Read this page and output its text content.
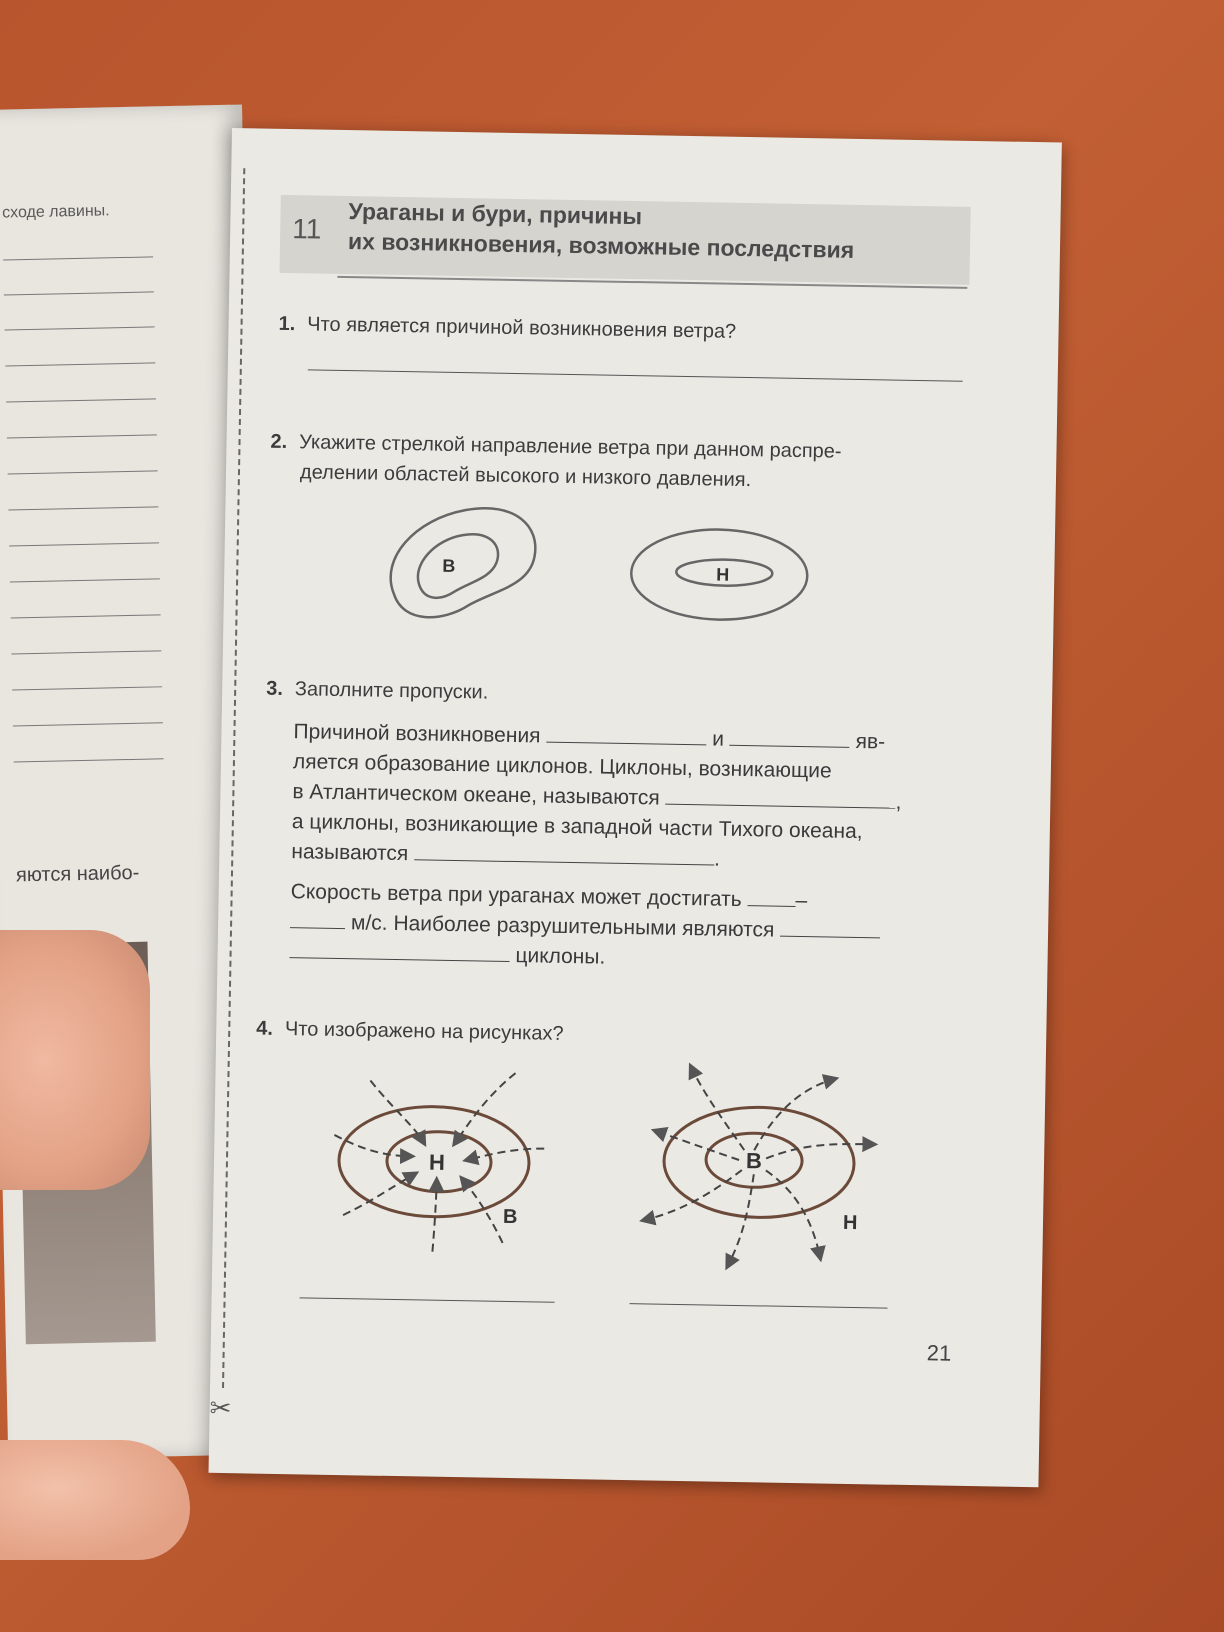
сходе лавины.
яются наибо-
✂
11 Ураганы и бури, причины
их возникновения, возможные последствия
1. Что является причиной возникновения ветра?
2. Укажите стрелкой направление ветра при данном распре-
делении областей высокого и низкого давления.
В	Н
3. Заполните пропуски.
Причиной возникновения	и	яв-
ляется образование циклонов. Циклоны, возникающие
в Атлантическом океане, называются	,
а циклоны, возникающие в западной части Тихого океана,
называются	.
Скорость ветра при ураганах может достигать	–
м/с. Наиболее разрушительными являются
циклоны.
4. Что изображено на рисунках?
Н
В
В
Н
21
